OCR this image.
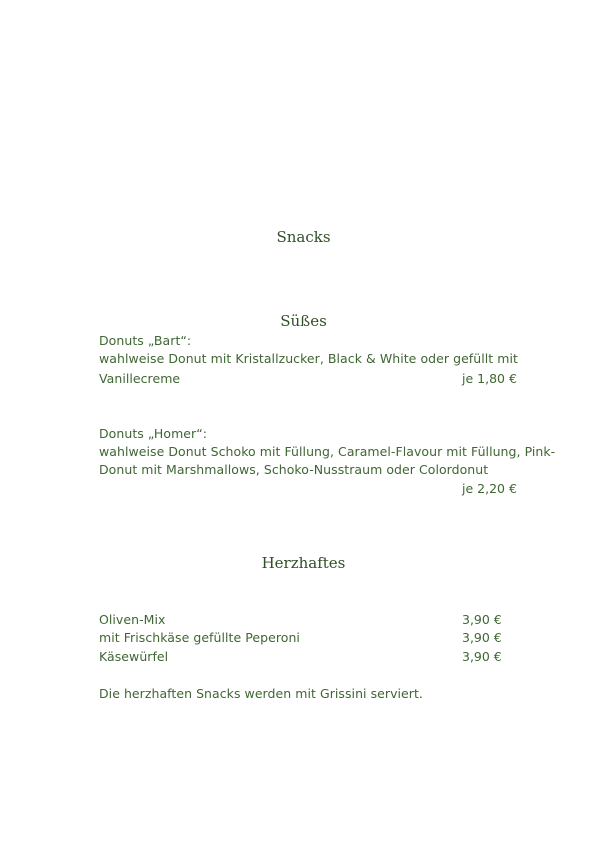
Snacks
Süßes
Donuts „Bart“:
wahlweise Donut mit Kristallzucker, Black & White oder gefüllt mit
Vanillecreme	je 1,80 €
Donuts „Homer“:
wahlweise Donut Schoko mit Füllung, Caramel-Flavour mit Füllung, Pink-
Donut mit Marshmallows, Schoko-Nusstraum oder Colordonut
je 2,20 €
Herzhaftes
Oliven-Mix	3,90 €
mit Frischkäse gefüllte Peperoni	3,90 €
Käsewürfel	3,90 €
Die herzhaften Snacks werden mit Grissini serviert.
